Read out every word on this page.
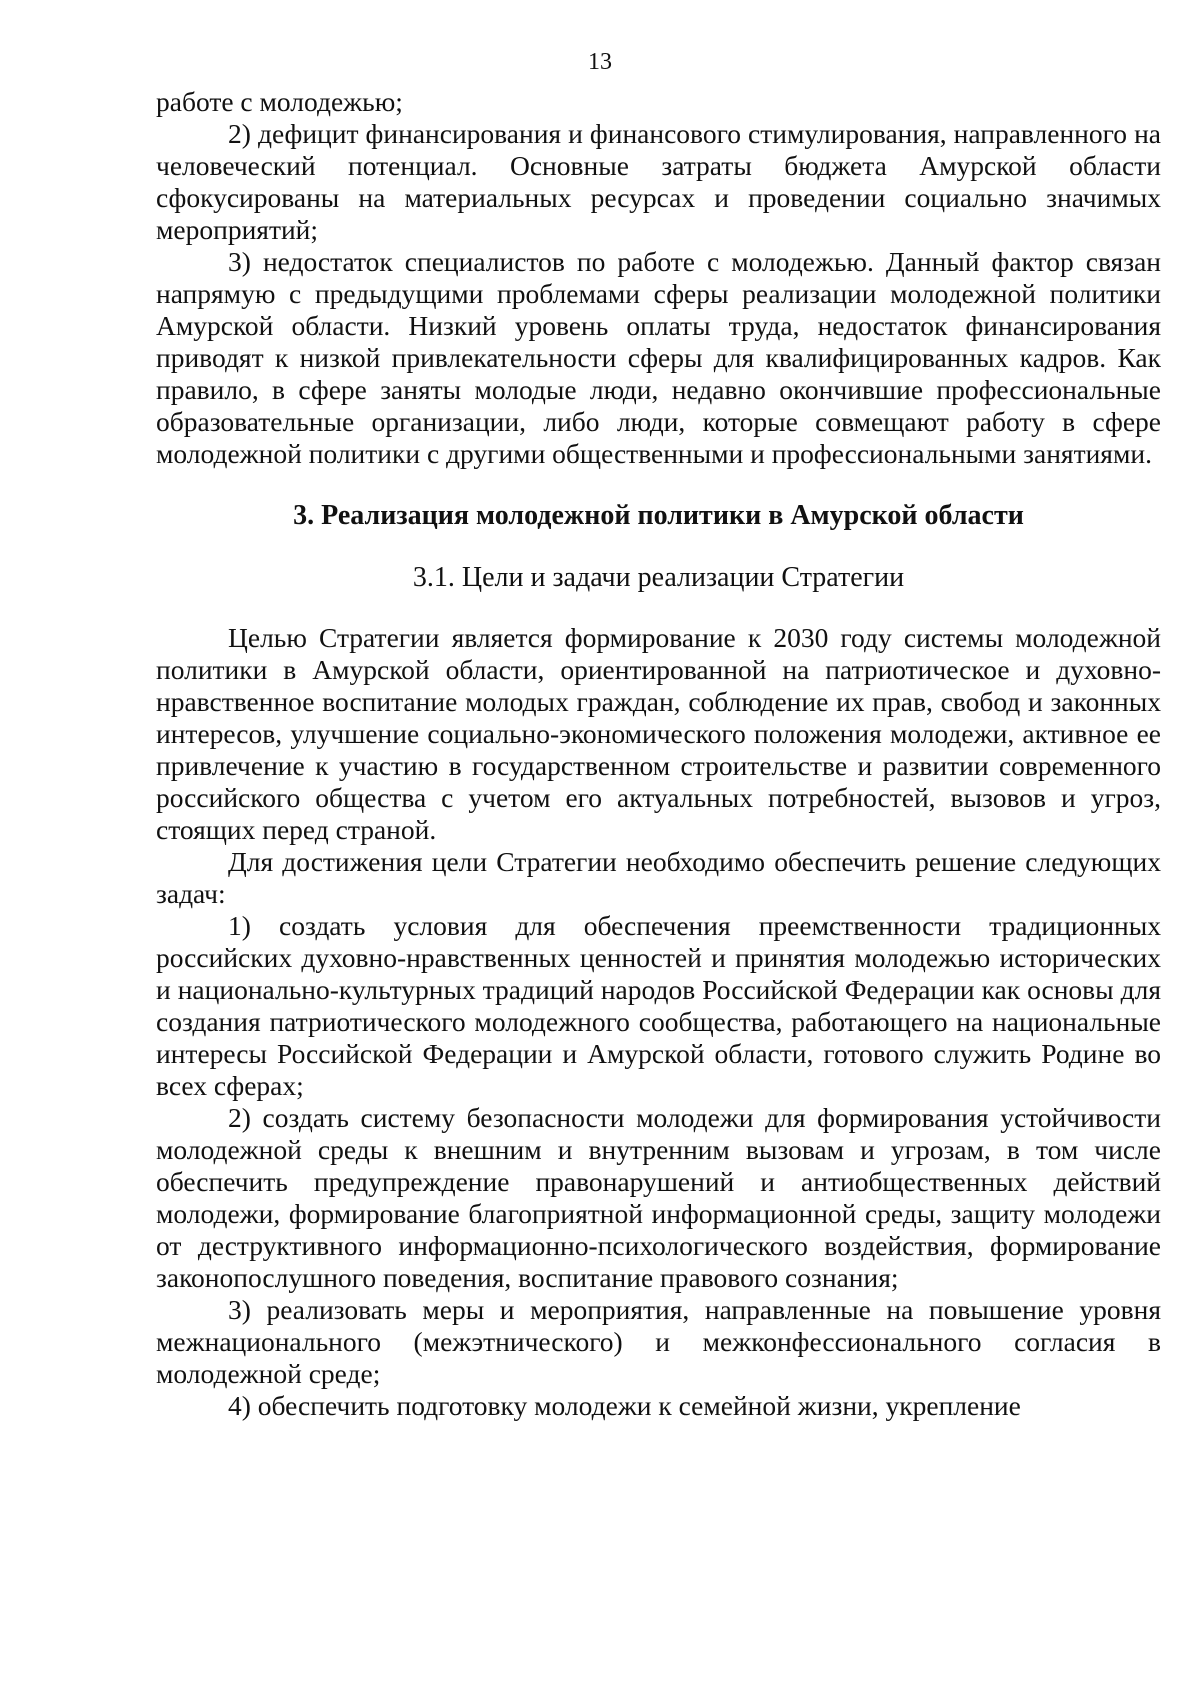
13

работе с молодежью;

2) дефицит финансирования и финансового стимулирования, направленного на человеческий потенциал. Основные затраты бюджета Амурской области сфокусированы на материальных ресурсах и проведении социально значимых мероприятий;

3) недостаток специалистов по работе с молодежью. Данный фактор связан напрямую с предыдущими проблемами сферы реализации молодежной политики Амурской области. Низкий уровень оплаты труда, недостаток финансирования приводят к низкой привлекательности сферы для квалифицированных кадров. Как правило, в сфере заняты молодые люди, недавно окончившие профессиональные образовательные организации, либо люди, которые совмещают работу в сфере молодежной политики с другими общественными и профессиональными занятиями.

3. Реализация молодежной политики в Амурской области

3.1. Цели и задачи реализации Стратегии

Целью Стратегии является формирование к 2030 году системы молодежной политики в Амурской области, ориентированной на патриотическое и духовно-нравственное воспитание молодых граждан, соблюдение их прав, свобод и законных интересов, улучшение социально-экономического положения молодежи, активное ее привлечение к участию в государственном строительстве и развитии современного российского общества с учетом его актуальных потребностей, вызовов и угроз, стоящих перед страной.

Для достижения цели Стратегии необходимо обеспечить решение следующих задач:

1) создать условия для обеспечения преемственности традиционных российских духовно-нравственных ценностей и принятия молодежью исторических и национально-культурных традиций народов Российской Федерации как основы для создания патриотического молодежного сообщества, работающего на национальные интересы Российской Федерации и Амурской области, готового служить Родине во всех сферах;

2) создать систему безопасности молодежи для формирования устойчивости молодежной среды к внешним и внутренним вызовам и угрозам, в том числе обеспечить предупреждение правонарушений и антиобщественных действий молодежи, формирование благоприятной информационной среды, защиту молодежи от деструктивного информационно-психологического воздействия, формирование законопослушного поведения, воспитание правового сознания;

3) реализовать меры и мероприятия, направленные на повышение уровня межнационального (межэтнического) и межконфессионального согласия в молодежной среде;

4) обеспечить подготовку молодежи к семейной жизни, укрепление
